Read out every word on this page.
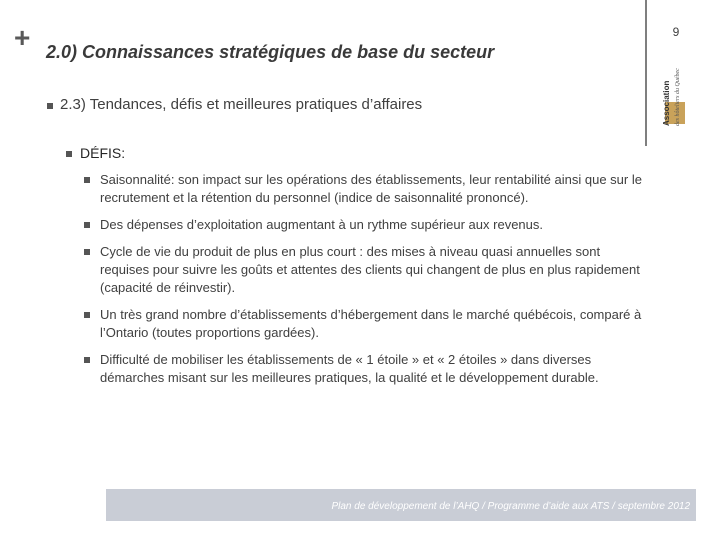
+ 2.0) Connaissances stratégiques de base du secteur
9
Association des hôteliers du Québec
2.3) Tendances, défis et meilleures pratiques d’affaires
DÉFIS:
Saisonnalité: son impact sur les opérations des établissements, leur rentabilité ainsi que sur le recrutement et la rétention du personnel (indice de saisonnalité prononcé).
Des dépenses d’exploitation augmentant à un rythme supérieur aux revenus.
Cycle de vie du produit de plus en plus court : des mises à niveau quasi annuelles sont requises pour suivre les goûts et attentes des clients qui changent de plus en plus rapidement (capacité de réinvestir).
Un très grand nombre d’établissements d’hébergement dans le marché québécois, comparé à l’Ontario (toutes proportions gardées).
Difficulté de mobiliser les établissements de « 1 étoile » et « 2 étoiles » dans diverses démarches misant sur les meilleures pratiques, la qualité et le développement durable.
Plan de développement de l’AHQ / Programme d’aide aux ATS / septembre 2012
